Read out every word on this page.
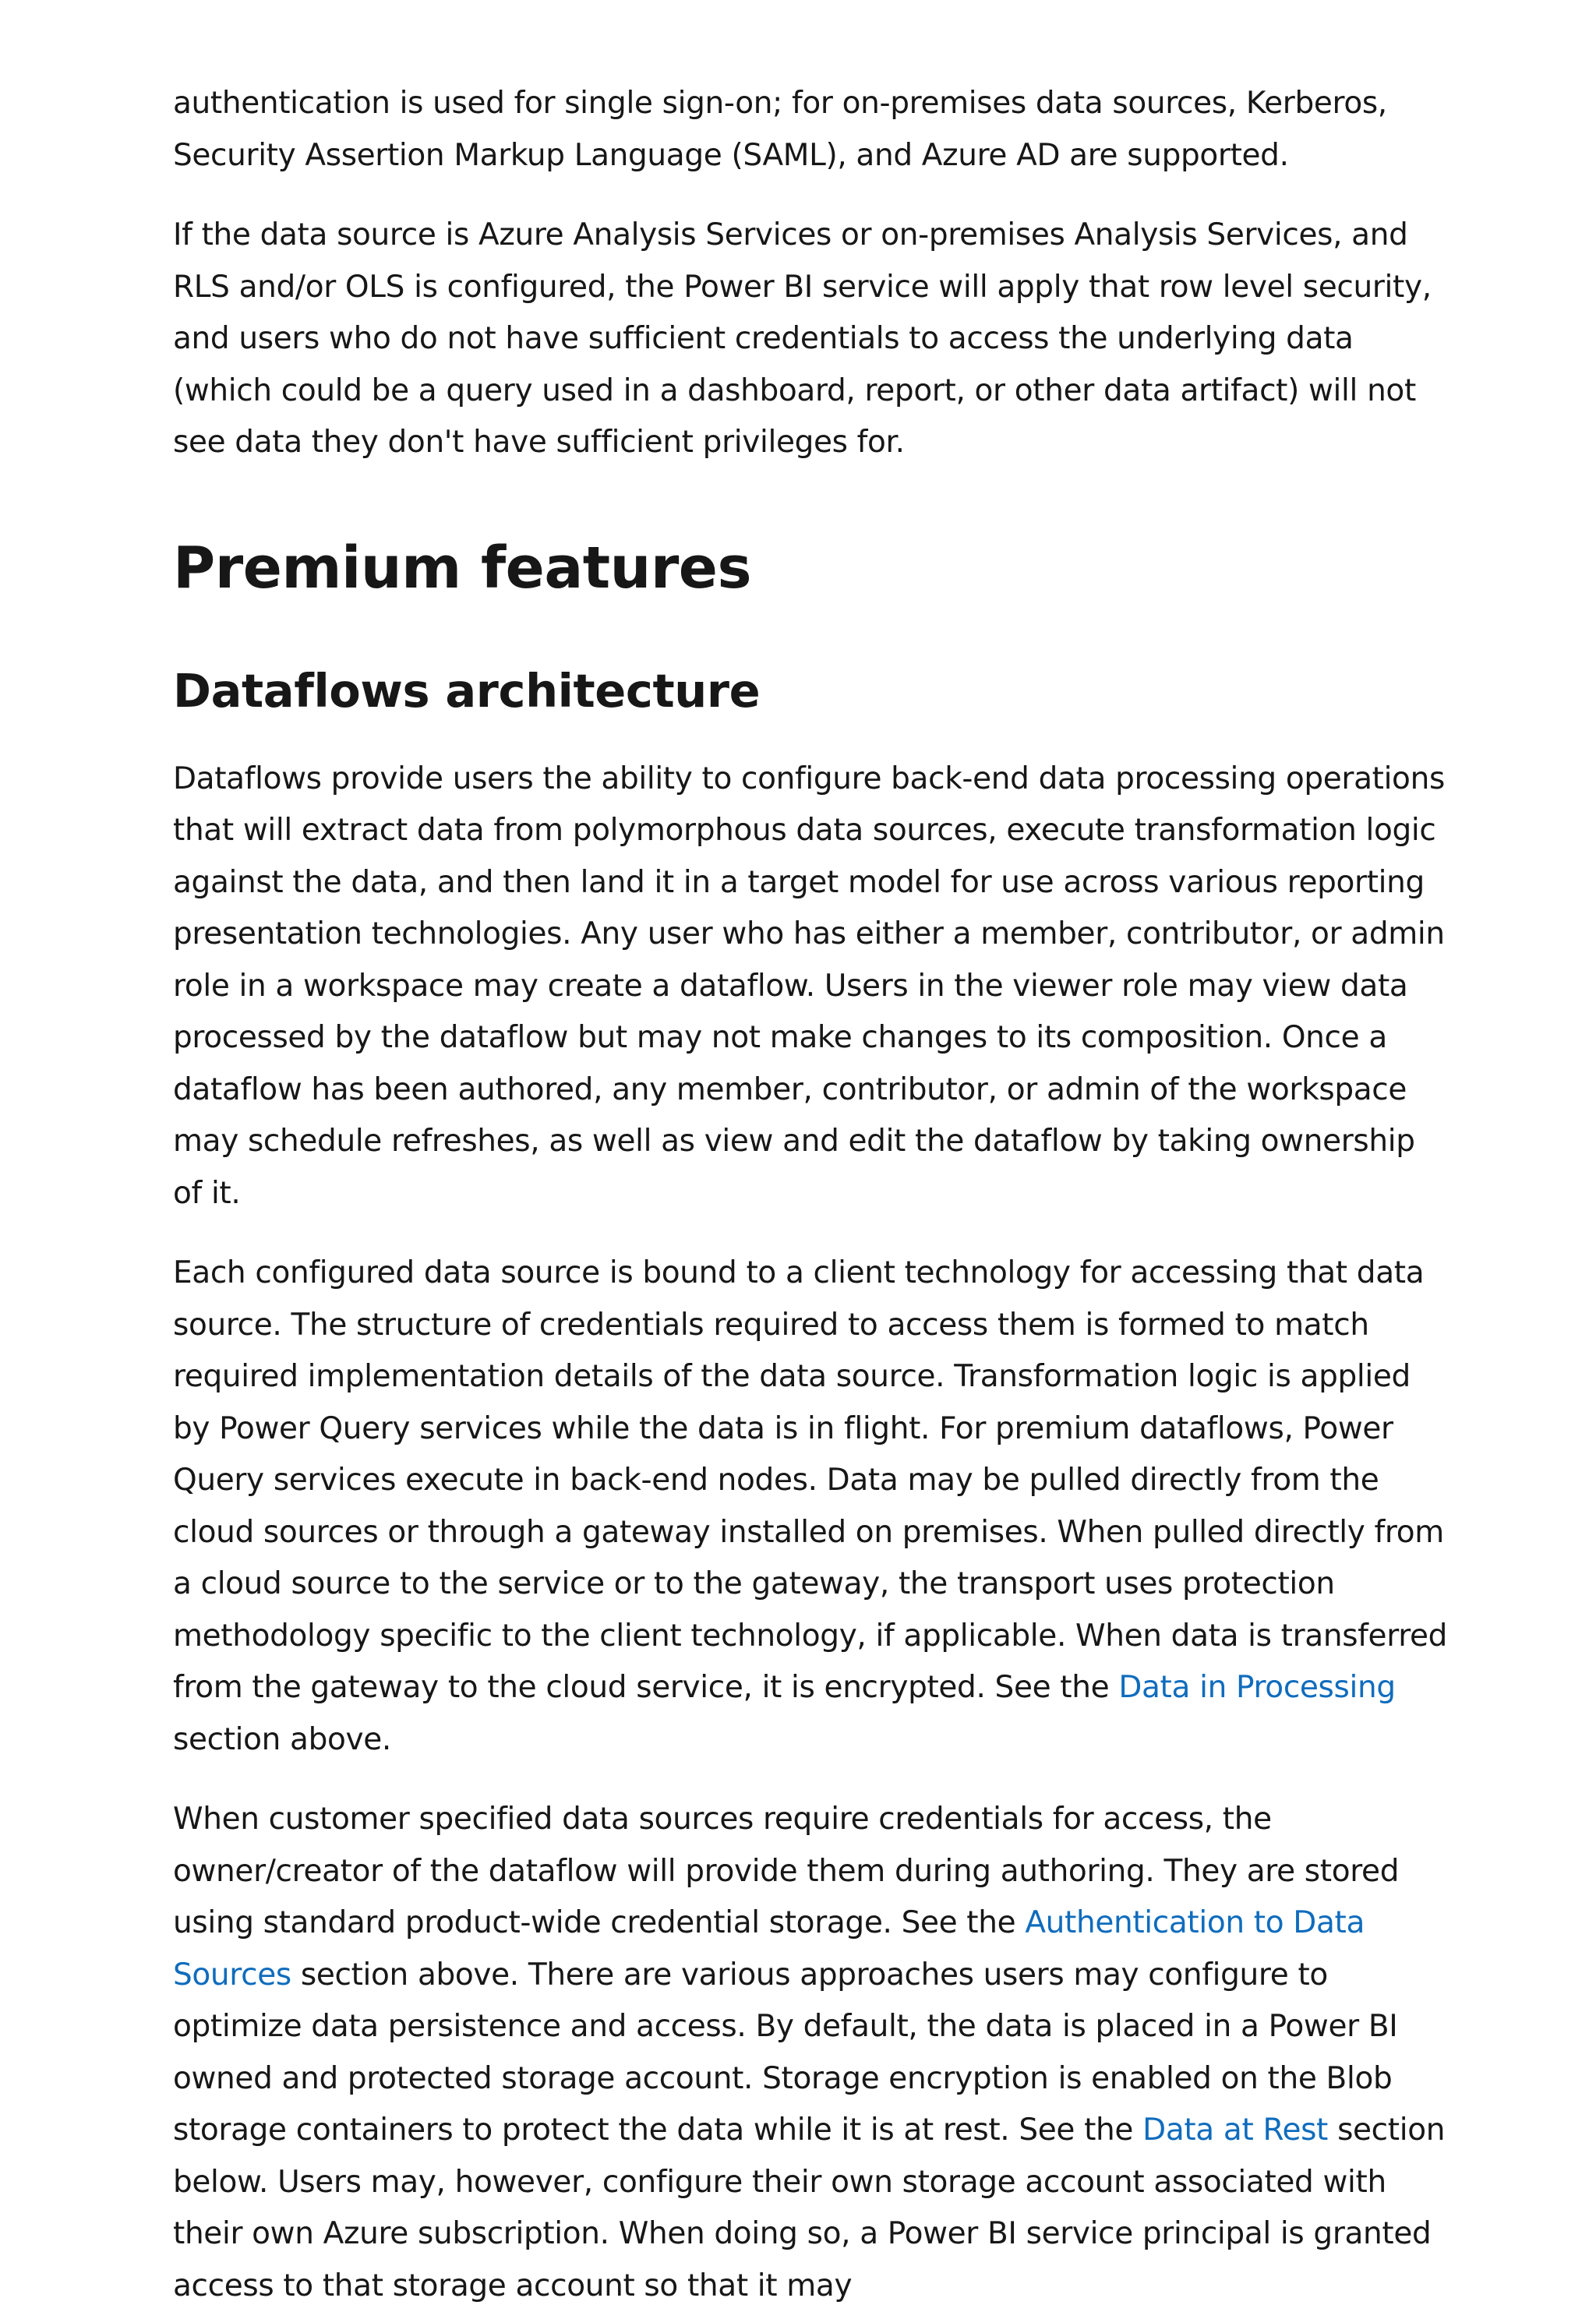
authentication is used for single sign-on; for on-premises data sources, Kerberos, Security Assertion Markup Language (SAML), and Azure AD are supported.

If the data source is Azure Analysis Services or on-premises Analysis Services, and RLS and/or OLS is configured, the Power BI service will apply that row level security, and users who do not have sufficient credentials to access the underlying data (which could be a query used in a dashboard, report, or other data artifact) will not see data they don't have sufficient privileges for.

Premium features
Dataflows architecture

Dataflows provide users the ability to configure back-end data processing operations that will extract data from polymorphous data sources, execute transformation logic against the data, and then land it in a target model for use across various reporting presentation technologies. Any user who has either a member, contributor, or admin role in a workspace may create a dataflow. Users in the viewer role may view data processed by the dataflow but may not make changes to its composition. Once a dataflow has been authored, any member, contributor, or admin of the workspace may schedule refreshes, as well as view and edit the dataflow by taking ownership of it.

Each configured data source is bound to a client technology for accessing that data source. The structure of credentials required to access them is formed to match required implementation details of the data source. Transformation logic is applied by Power Query services while the data is in flight. For premium dataflows, Power Query services execute in back-end nodes. Data may be pulled directly from the cloud sources or through a gateway installed on premises. When pulled directly from a cloud source to the service or to the gateway, the transport uses protection methodology specific to the client technology, if applicable. When data is transferred from the gateway to the cloud service, it is encrypted. See the Data in Processing section above.

When customer specified data sources require credentials for access, the owner/creator of the dataflow will provide them during authoring. They are stored using standard product-wide credential storage. See the Authentication to Data Sources section above. There are various approaches users may configure to optimize data persistence and access. By default, the data is placed in a Power BI owned and protected storage account. Storage encryption is enabled on the Blob storage containers to protect the data while it is at rest. See the Data at Rest section below. Users may, however, configure their own storage account associated with their own Azure subscription. When doing so, a Power BI service principal is granted access to that storage account so that it may
